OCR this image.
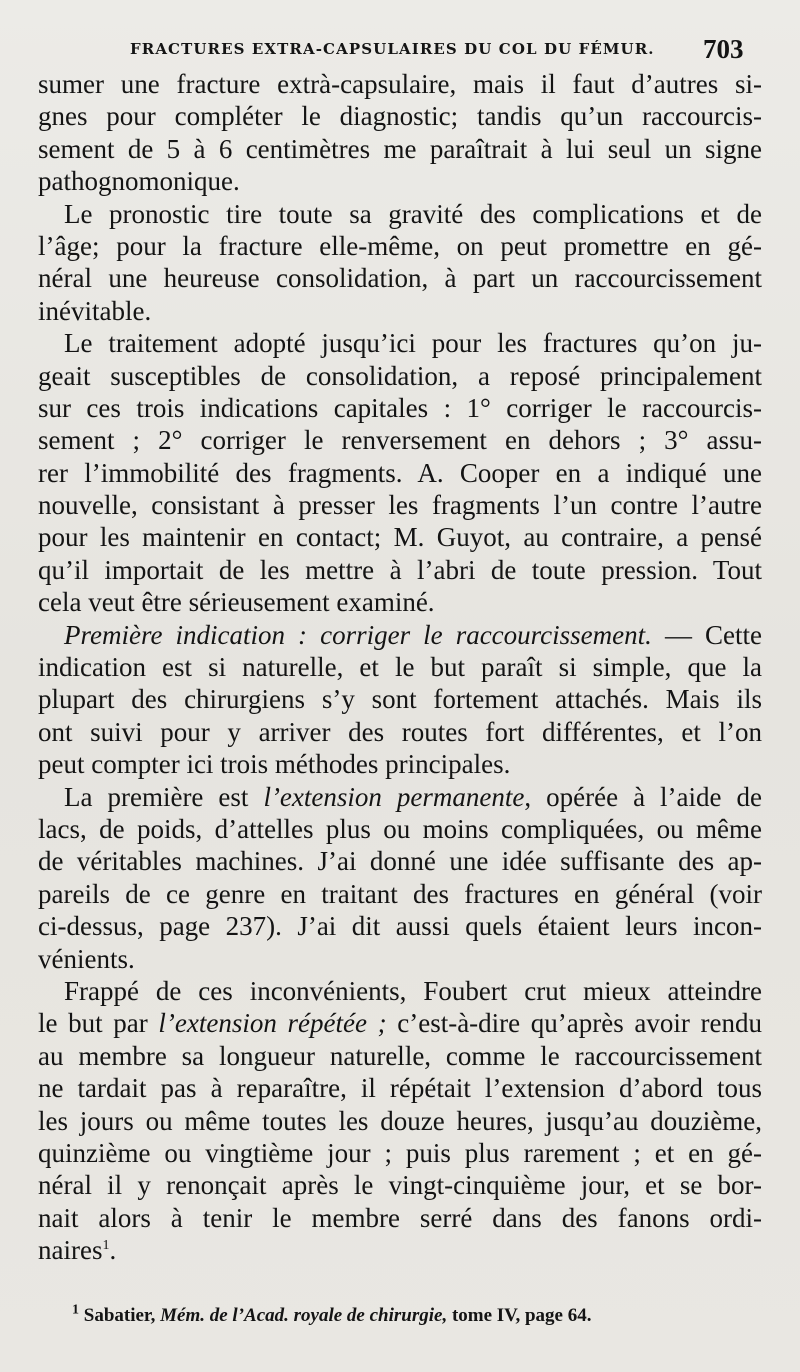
FRACTURES EXTRA-CAPSULAIRES DU COL DU FÉMUR. 703
sumer une fracture extrà-capsulaire, mais il faut d’autres si-
gnes pour compléter le diagnostic; tandis qu’un raccourcis-
sement de 5 à 6 centimètres me paraîtrait à lui seul un signe
pathognomonique.
Le pronostic tire toute sa gravité des complications et de
l’âge; pour la fracture elle-même, on peut promettre en gé-
néral une heureuse consolidation, à part un raccourcissement
inévitable.
Le traitement adopté jusqu’ici pour les fractures qu’on ju-
geait susceptibles de consolidation, a reposé principalement
sur ces trois indications capitales : 1° corriger le raccourcis-
sement ; 2° corriger le renversement en dehors ; 3° assu-
rer l’immobilité des fragments. A. Cooper en a indiqué une
nouvelle, consistant à presser les fragments l’un contre l’autre
pour les maintenir en contact; M. Guyot, au contraire, a pensé
qu’il importait de les mettre à l’abri de toute pression. Tout
cela veut être sérieusement examiné.
Première indication : corriger le raccourcissement. — Cette
indication est si naturelle, et le but paraît si simple, que la
plupart des chirurgiens s’y sont fortement attachés. Mais ils
ont suivi pour y arriver des routes fort différentes, et l’on
peut compter ici trois méthodes principales.
La première est l’extension permanente, opérée à l’aide de
lacs, de poids, d’attelles plus ou moins compliquées, ou même
de véritables machines. J’ai donné une idée suffisante des ap-
pareils de ce genre en traitant des fractures en général (voir
ci-dessus, page 237). J’ai dit aussi quels étaient leurs incon-
vénients.
Frappé de ces inconvénients, Foubert crut mieux atteindre
le but par l’extension répétée ; c’est-à-dire qu’après avoir rendu
au membre sa longueur naturelle, comme le raccourcissement
ne tardait pas à reparaître, il répétait l’extension d’abord tous
les jours ou même toutes les douze heures, jusqu’au douzième,
quinzième ou vingtième jour ; puis plus rarement ; et en gé-
néral il y renonçait après le vingt-cinquième jour, et se bor-
nait alors à tenir le membre serré dans des fanons ordi-
naires$^1$.
$^1$ Sabatier, Mém. de l’Acad. royale de chirurgie, tome IV, page 64.
